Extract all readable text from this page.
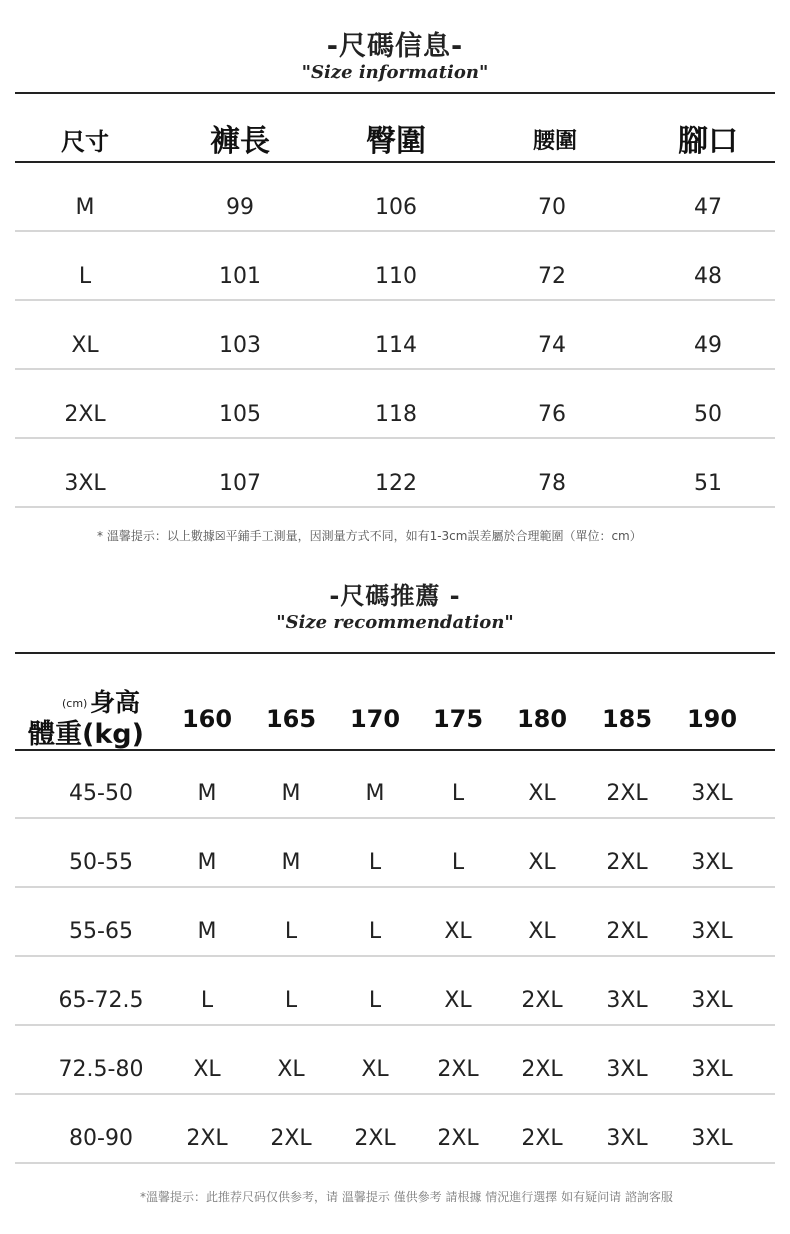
-尺碼信息-
"Size information"
尺寸	褲長	臀圍	腰圍	腳口
M	99	106	70	47
L	101	110	72	48
XL	103	114	74	49
2XL	105	118	76	50
3XL	107	122	78	51
* 溫馨提示：以上數據☒平鋪手工測量，因測量方式不同，如有1-3cm誤差屬於合理範圍（單位：cm）
-尺碼推薦 -
"Size recommendation"
(cm) 身高
體重(kg)	160	165	170	175	180	185	190
45-50	M	M	M	L	XL	2XL	3XL
50-55	M	M	L	L	XL	2XL	3XL
55-65	M	L	L	XL	XL	2XL	3XL
65-72.5	L	L	L	XL	2XL	3XL	3XL
72.5-80	XL	XL	XL	2XL	2XL	3XL	3XL
80-90	2XL	2XL	2XL	2XL	2XL	3XL	3XL
*溫馨提示：此推荐尺码仅供参考，请 溫馨提示 僅供參考 請根據 情況進行選擇 如有疑问请 諮詢客服
